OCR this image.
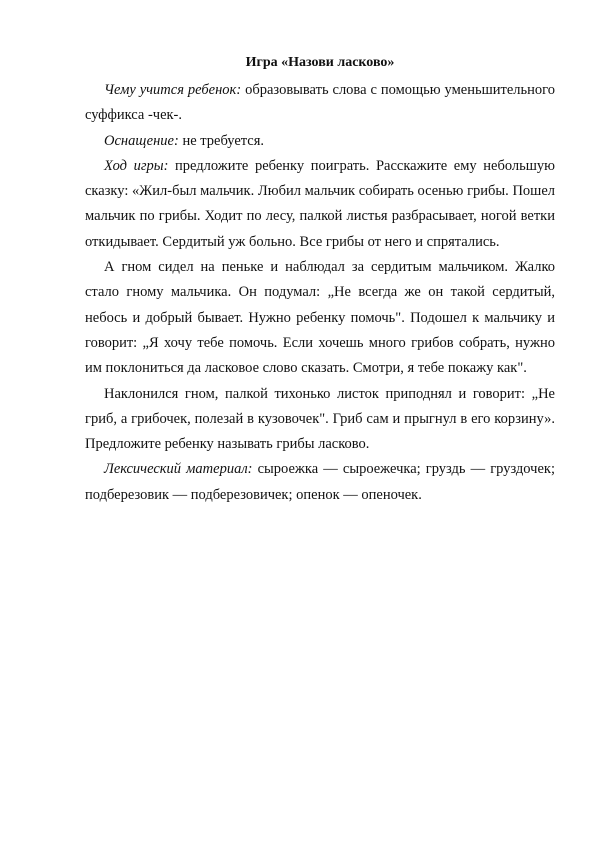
Игра «Назови ласково»

Чему учится ребенок: образовывать слова с помощью уменьшительного суффикса -чек-.

Оснащение: не требуется.

Ход игры: предложите ребенку поиграть. Расскажите ему небольшую сказку: «Жил-был мальчик. Любил мальчик собирать осенью грибы. Пошел мальчик по грибы. Ходит по лесу, палкой листья разбрасывает, ногой ветки откидывает. Сердитый уж больно. Все грибы от него и спрятались.

А гном сидел на пеньке и наблюдал за сердитым мальчиком. Жалко стало гному мальчика. Он подумал: „Не всегда же он такой сердитый, небось и добрый бывает. Нужно ребенку помочь". Подошел к мальчику и говорит: „Я хочу тебе помочь. Если хочешь много грибов собрать, нужно им поклониться да ласковое слово сказать. Смотри, я тебе покажу как".

Наклонился гном, палкой тихонько листок приподнял и говорит: „Не гриб, а грибочек, полезай в кузовочек". Гриб сам и прыгнул в его корзину». Предложите ребенку называть грибы ласково.

Лексический материал: сыроежка — сыроежечка; груздь — груздочек; подберезовик — подберезовичек; опенок — опеночек.
